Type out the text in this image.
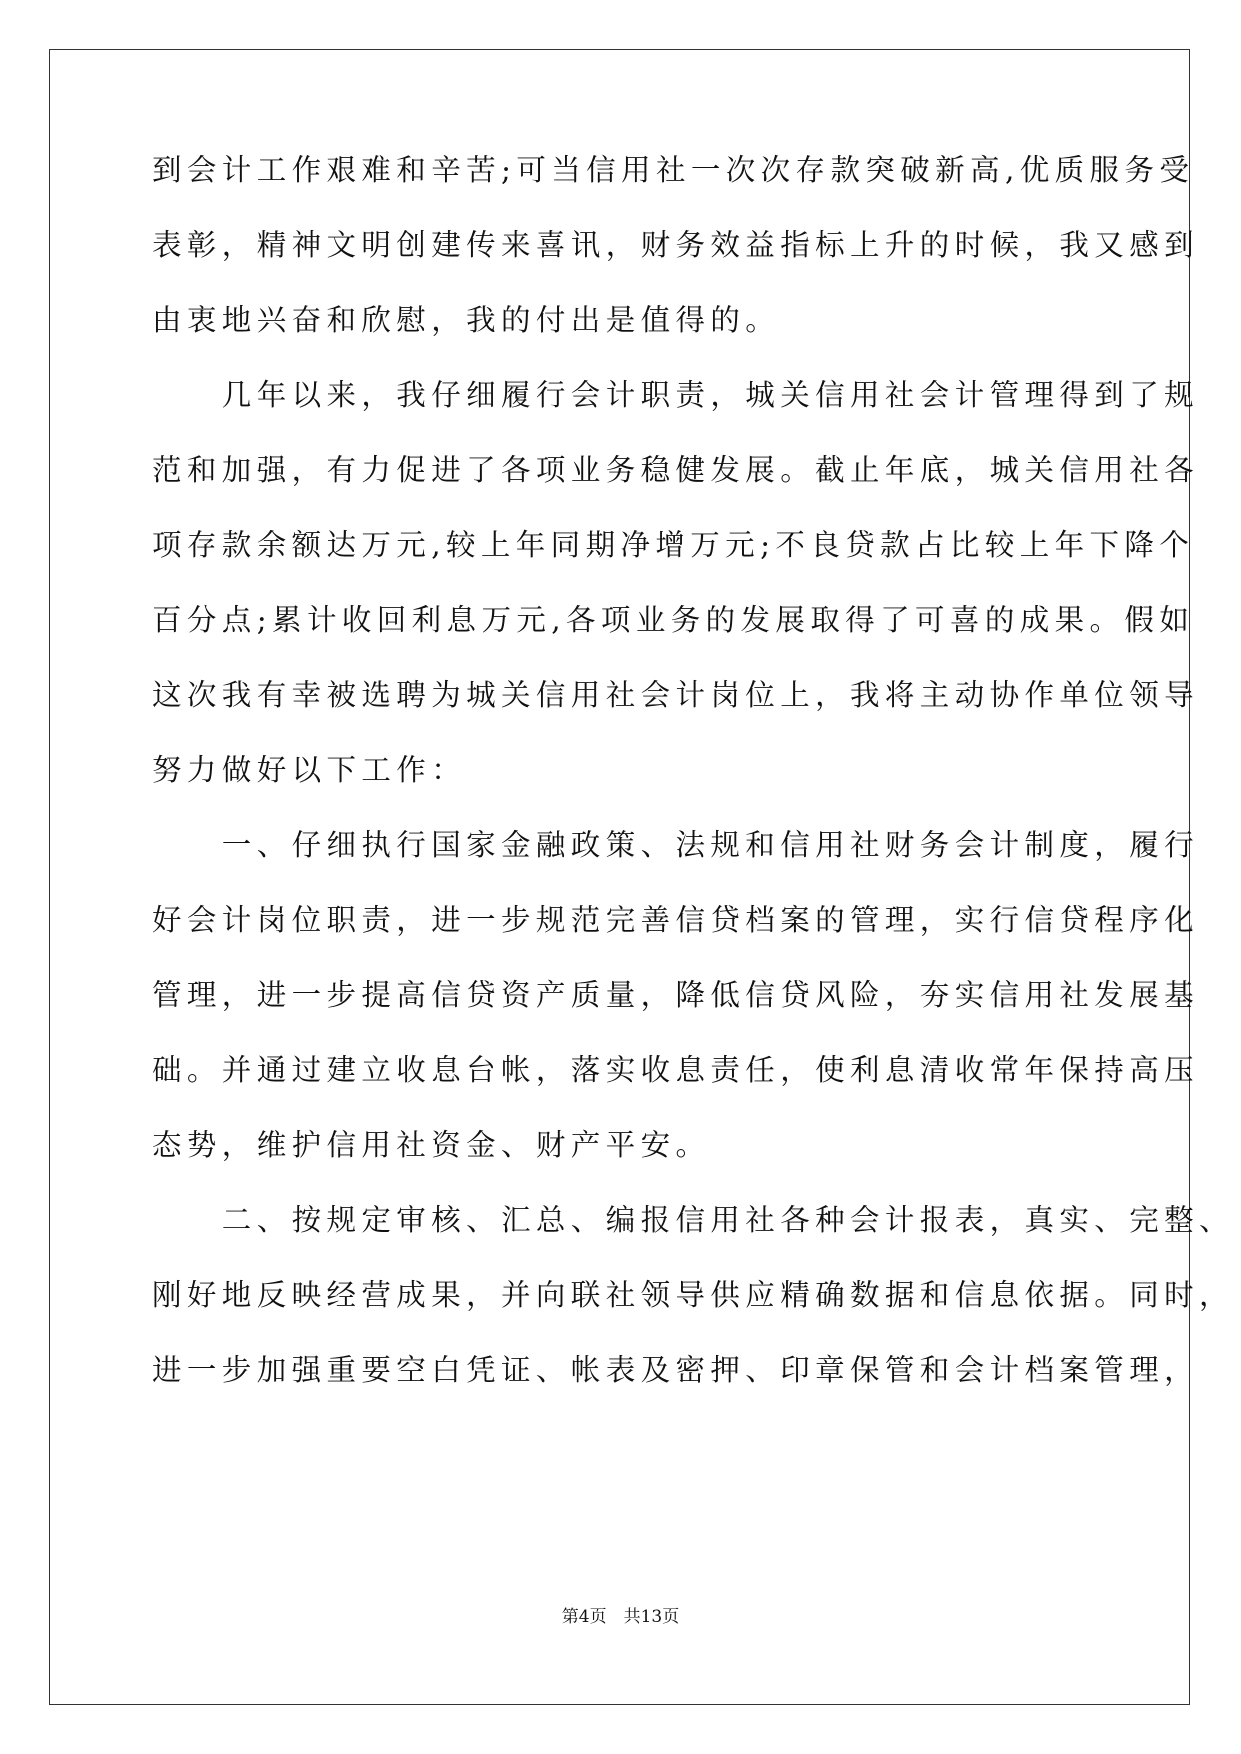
到会计工作艰难和辛苦;可当信用社一次次存款突破新高,优质服务受
表彰，精神文明创建传来喜讯，财务效益指标上升的时候，我又感到
由衷地兴奋和欣慰，我的付出是值得的。
　　几年以来，我仔细履行会计职责，城关信用社会计管理得到了规
范和加强，有力促进了各项业务稳健发展。截止年底，城关信用社各
项存款余额达万元,较上年同期净增万元;不良贷款占比较上年下降个
百分点;累计收回利息万元,各项业务的发展取得了可喜的成果。假如
这次我有幸被选聘为城关信用社会计岗位上，我将主动协作单位领导
努力做好以下工作：
　　一、仔细执行国家金融政策、法规和信用社财务会计制度，履行
好会计岗位职责，进一步规范完善信贷档案的管理，实行信贷程序化
管理，进一步提高信贷资产质量，降低信贷风险，夯实信用社发展基
础。并通过建立收息台帐，落实收息责任，使利息清收常年保持高压
态势，维护信用社资金、财产平安。
　　二、按规定审核、汇总、编报信用社各种会计报表，真实、完整、
刚好地反映经营成果，并向联社领导供应精确数据和信息依据。同时，
进一步加强重要空白凭证、帐表及密押、印章保管和会计档案管理，
第4页　共13页
